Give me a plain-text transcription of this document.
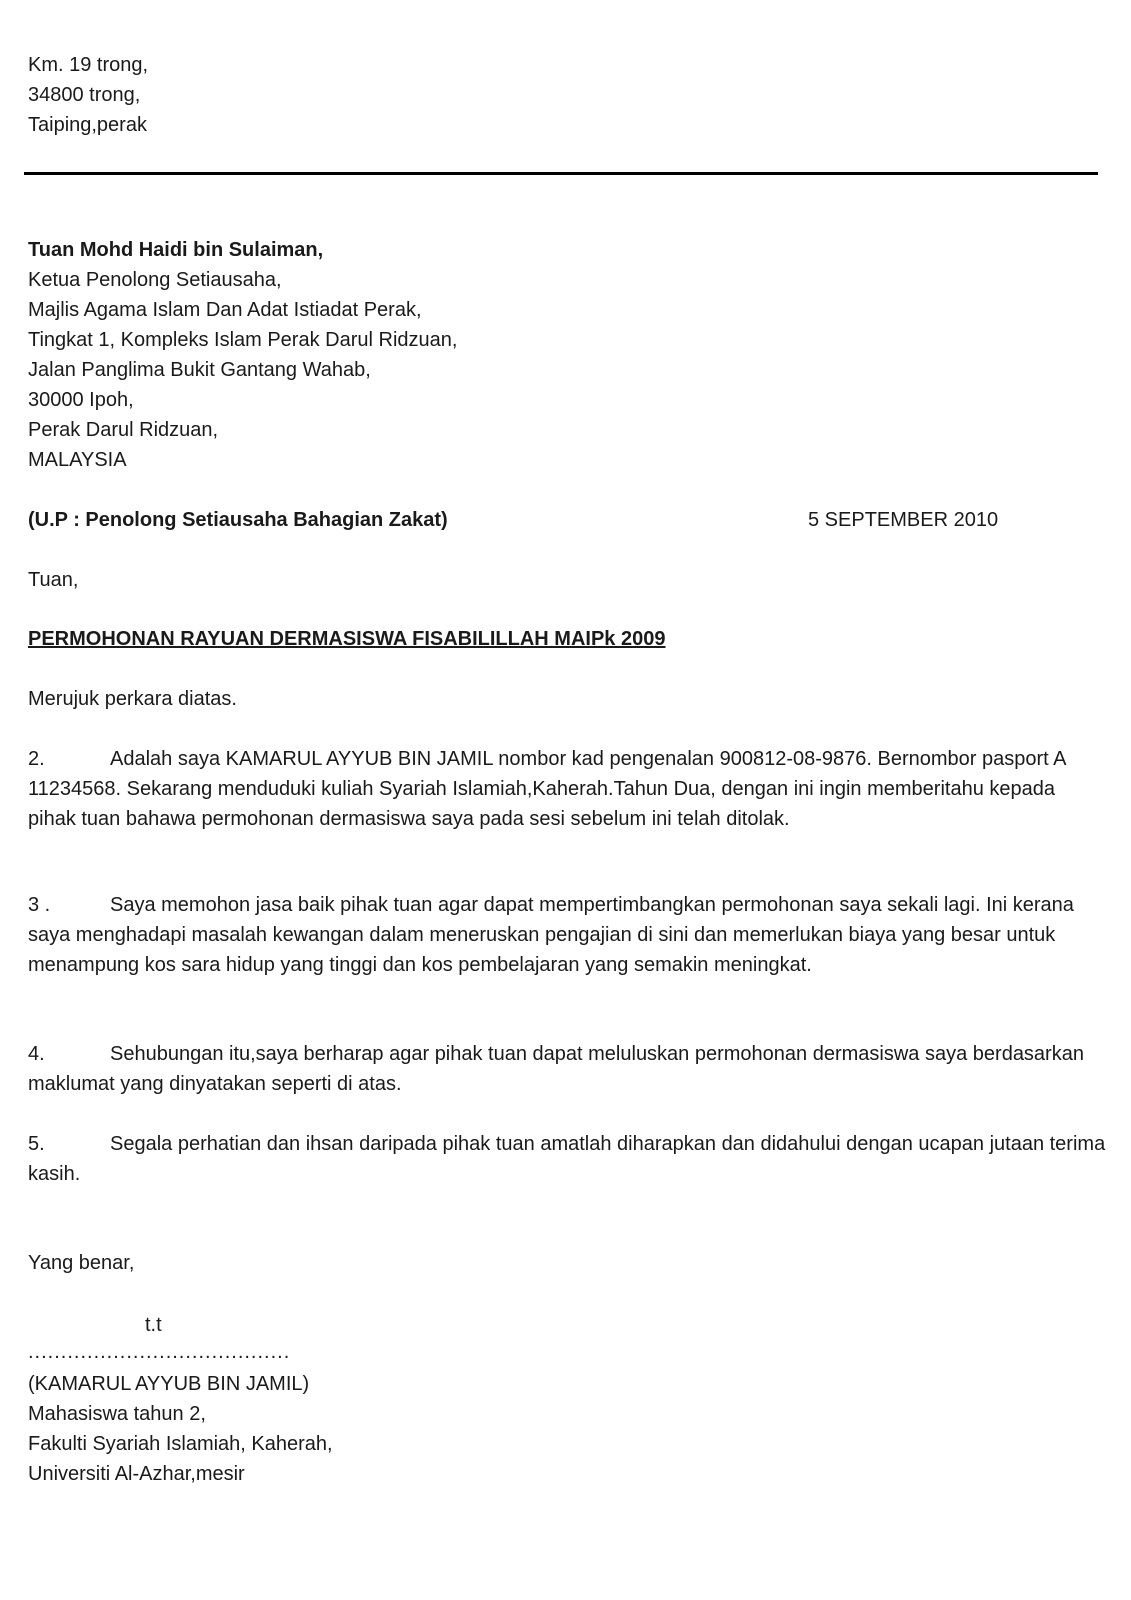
Km. 19 trong,
34800 trong,
Taiping,perak
Tuan Mohd Haidi bin Sulaiman,
Ketua Penolong Setiausaha,
Majlis Agama Islam Dan Adat Istiadat Perak,
Tingkat 1, Kompleks Islam Perak Darul Ridzuan,
Jalan Panglima Bukit Gantang Wahab,
30000 Ipoh,
Perak Darul Ridzuan,
MALAYSIA
(U.P : Penolong Setiausaha Bahagian Zakat)	5 SEPTEMBER 2010
Tuan,
PERMOHONAN RAYUAN DERMASISWA FISABILILLAH MAIPk 2009
Merujuk perkara diatas.
2.	Adalah saya KAMARUL AYYUB BIN JAMIL nombor kad pengenalan 900812-08-9876. Bernombor pasport A 11234568. Sekarang menduduki kuliah Syariah Islamiah,Kaherah.Tahun Dua, dengan ini ingin memberitahu kepada pihak tuan bahawa permohonan dermasiswa saya pada sesi sebelum ini telah ditolak.
3 .	Saya memohon jasa baik pihak tuan agar dapat mempertimbangkan permohonan saya sekali lagi. Ini kerana saya menghadapi masalah kewangan dalam meneruskan pengajian di sini dan memerlukan biaya yang besar untuk menampung kos sara hidup yang tinggi dan kos pembelajaran yang semakin meningkat.
4.	Sehubungan itu,saya berharap agar pihak tuan dapat meluluskan permohonan dermasiswa saya berdasarkan maklumat yang dinyatakan seperti di atas.
5.	Segala perhatian dan ihsan daripada pihak tuan amatlah diharapkan dan didahului dengan ucapan jutaan terima kasih.
Yang benar,
t.t
........................................
(KAMARUL AYYUB BIN JAMIL)
Mahasiswa tahun 2,
Fakulti Syariah Islamiah, Kaherah,
Universiti Al-Azhar,mesir
